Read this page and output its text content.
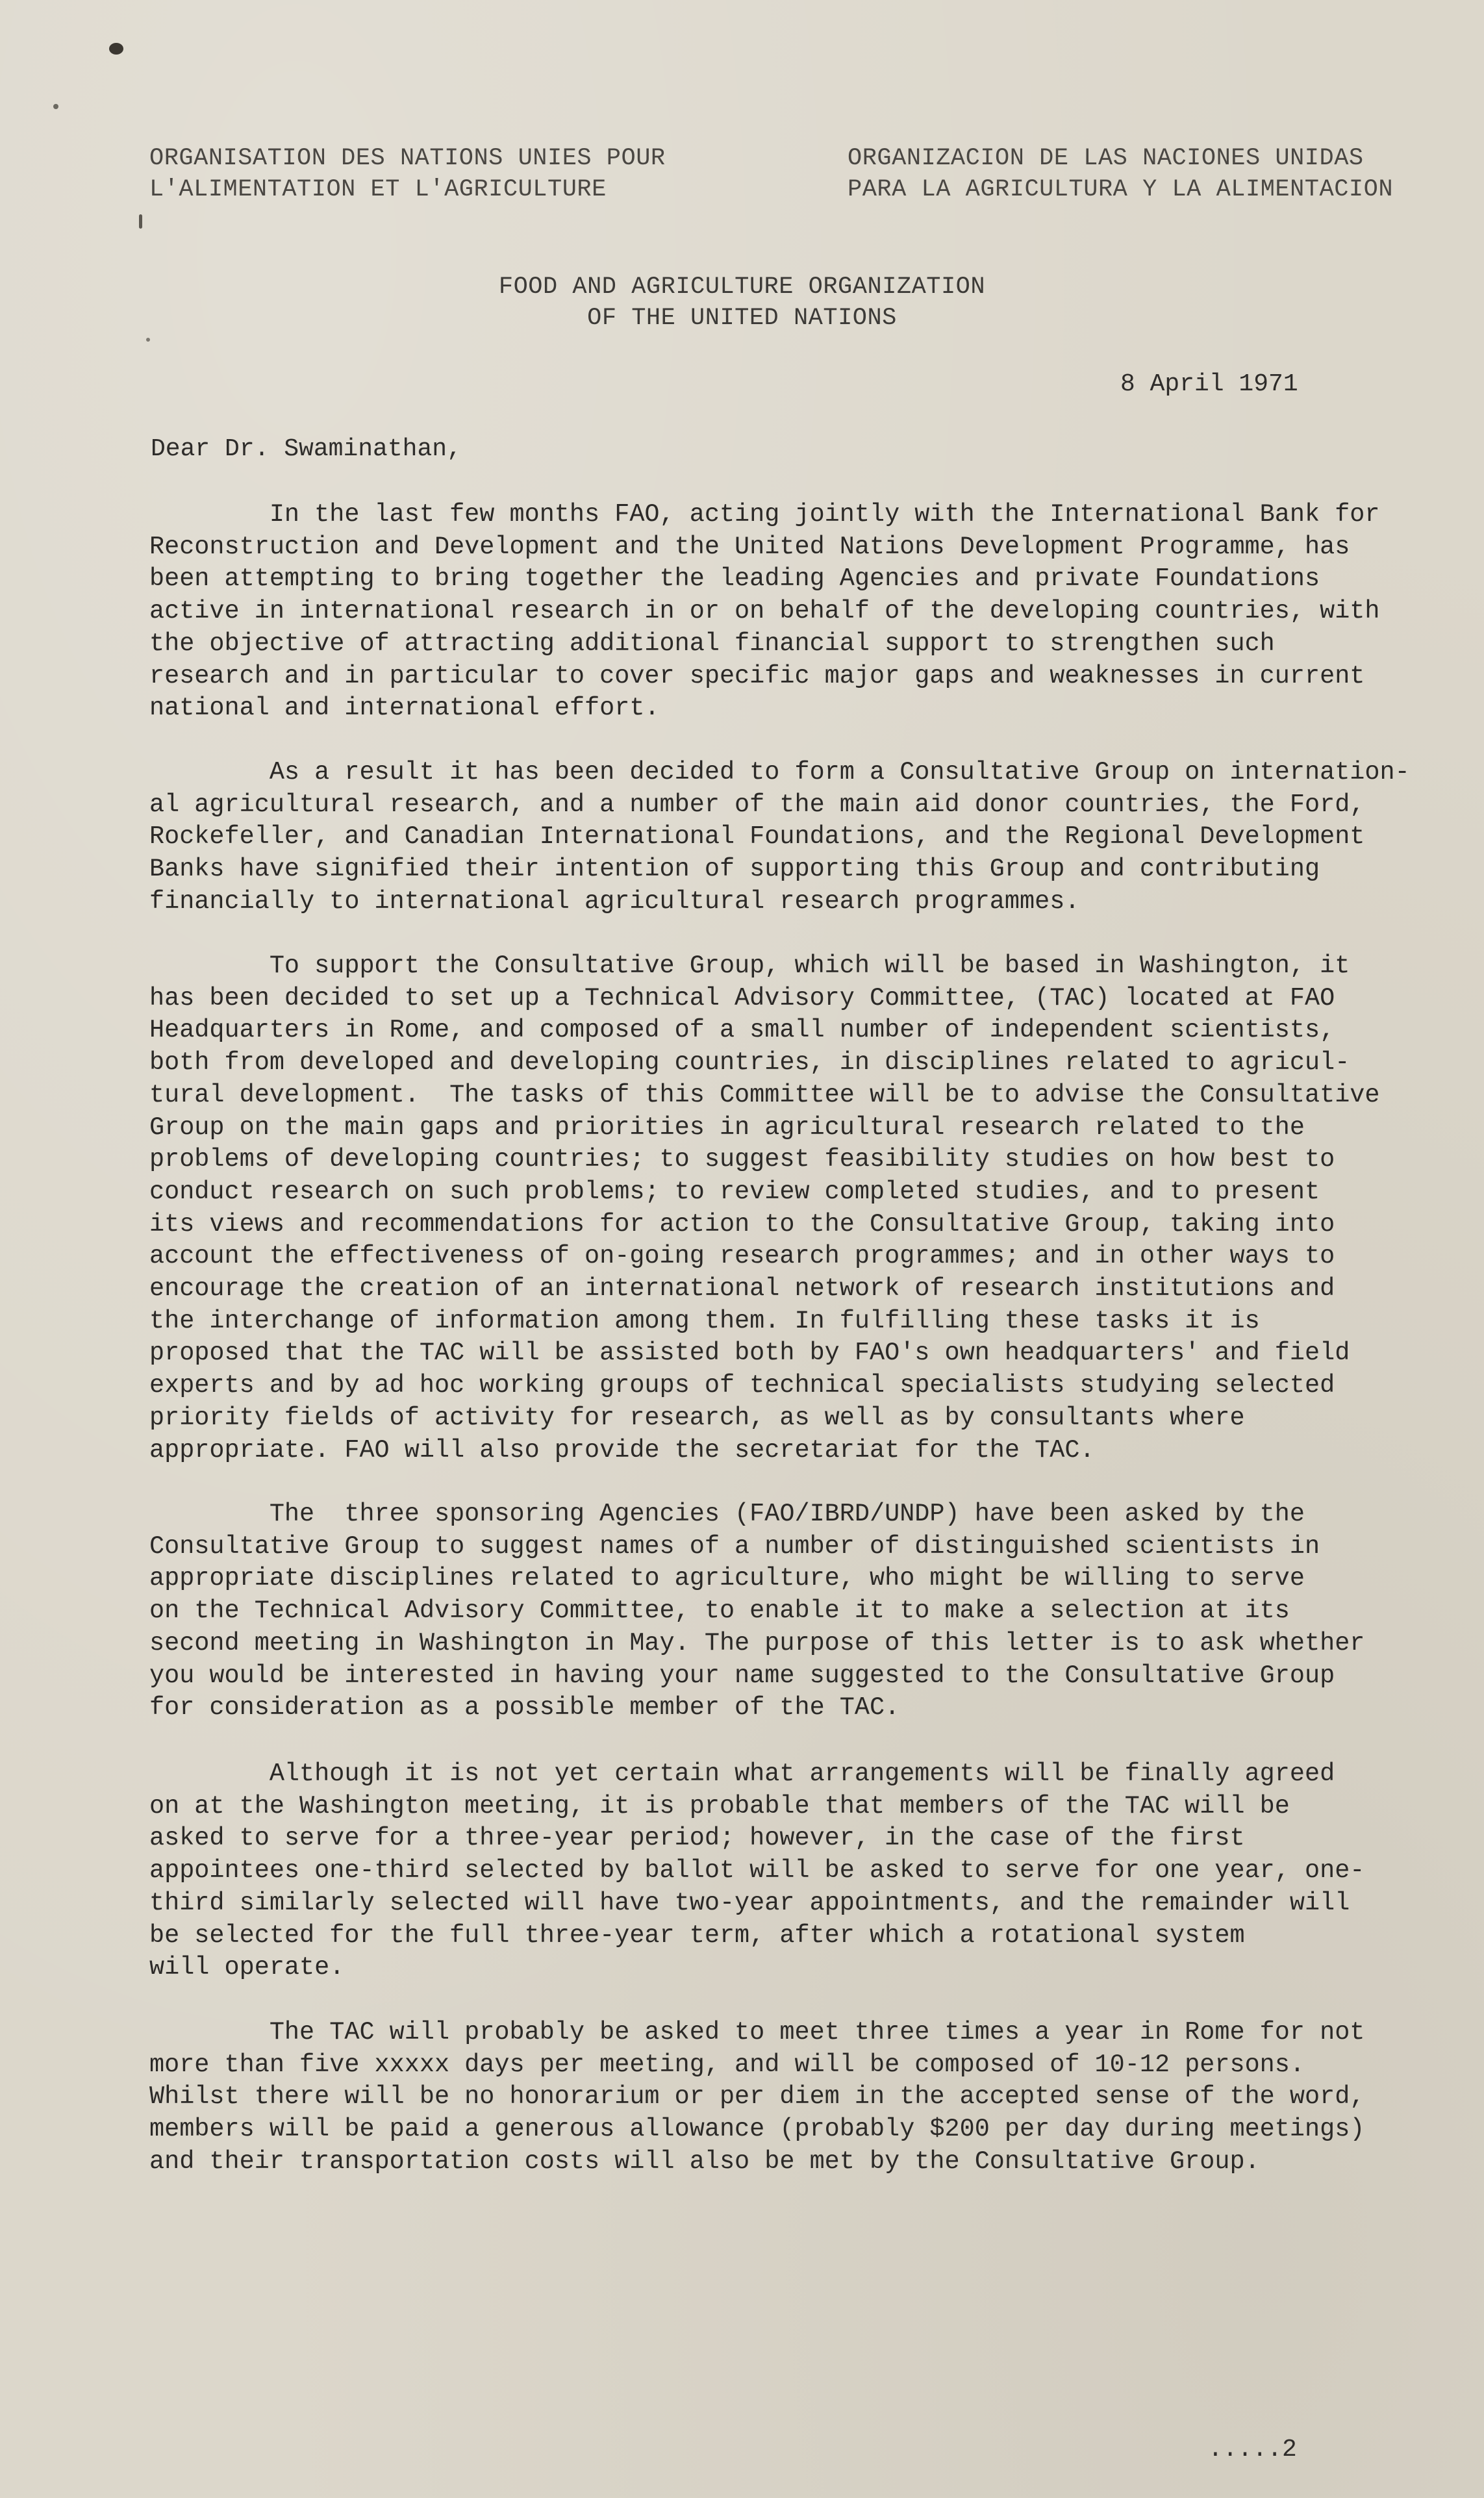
ORGANISATION DES NATIONS UNIES POUR
L'ALIMENTATION ET L'AGRICULTURE
ORGANIZACION DE LAS NACIONES UNIDAS
PARA LA AGRICULTURA Y LA ALIMENTACION
FOOD AND AGRICULTURE ORGANIZATION
OF THE UNITED NATIONS
8 April 1971
Dear Dr. Swaminathan,
In the last few months FAO, acting jointly with the International Bank for
Reconstruction and Development and the United Nations Development Programme, has
been attempting to bring together the leading Agencies and private Foundations
active in international research in or on behalf of the developing countries, with
the objective of attracting additional financial support to strengthen such
research and in particular to cover specific major gaps and weaknesses in current
national and international effort.
As a result it has been decided to form a Consultative Group on internation-
al agricultural research, and a number of the main aid donor countries, the Ford,
Rockefeller, and Canadian International Foundations, and the Regional Development
Banks have signified their intention of supporting this Group and contributing
financially to international agricultural research programmes.
To support the Consultative Group, which will be based in Washington, it
has been decided to set up a Technical Advisory Committee, (TAC) located at FAO
Headquarters in Rome, and composed of a small number of independent scientists,
both from developed and developing countries, in disciplines related to agricul-
tural development.  The tasks of this Committee will be to advise the Consultative
Group on the main gaps and priorities in agricultural research related to the
problems of developing countries; to suggest feasibility studies on how best to
conduct research on such problems; to review completed studies, and to present
its views and recommendations for action to the Consultative Group, taking into
account the effectiveness of on-going research programmes; and in other ways to
encourage the creation of an international network of research institutions and
the interchange of information among them. In fulfilling these tasks it is
proposed that the TAC will be assisted both by FAO's own headquarters' and field
experts and by ad hoc working groups of technical specialists studying selected
priority fields of activity for research, as well as by consultants where
appropriate. FAO will also provide the secretariat for the TAC.
The  three sponsoring Agencies (FAO/IBRD/UNDP) have been asked by the
Consultative Group to suggest names of a number of distinguished scientists in
appropriate disciplines related to agriculture, who might be willing to serve
on the Technical Advisory Committee, to enable it to make a selection at its
second meeting in Washington in May. The purpose of this letter is to ask whether
you would be interested in having your name suggested to the Consultative Group
for consideration as a possible member of the TAC.
Although it is not yet certain what arrangements will be finally agreed
on at the Washington meeting, it is probable that members of the TAC will be
asked to serve for a three-year period; however, in the case of the first
appointees one-third selected by ballot will be asked to serve for one year, one-
third similarly selected will have two-year appointments, and the remainder will
be selected for the full three-year term, after which a rotational system
will operate.
The TAC will probably be asked to meet three times a year in Rome for not
more than five xxxxx days per meeting, and will be composed of 10-12 persons.
Whilst there will be no honorarium or per diem in the accepted sense of the word,
members will be paid a generous allowance (probably $200 per day during meetings)
and their transportation costs will also be met by the Consultative Group.
.....2
